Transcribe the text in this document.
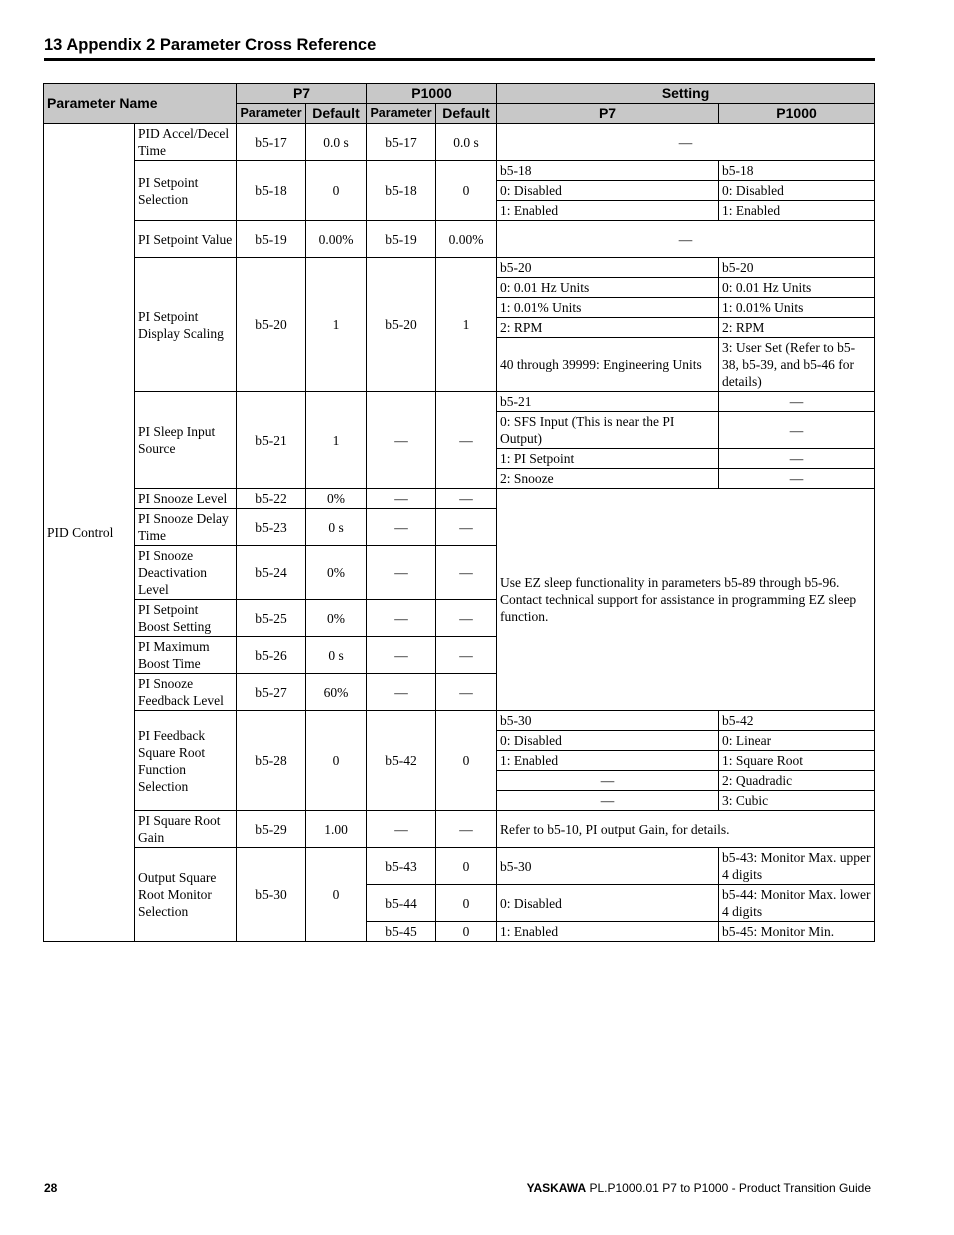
13 Appendix 2 Parameter Cross Reference
Parameter Name		P7		P1000		Setting	
		Parameter	Default	Parameter	Default	P7	P1000
PID Control	PID Accel/Decel Time	b5-17	0.0 s	b5-17	0.0 s	—	
	PI Setpoint Selection	b5-18	0	b5-18	0	b5-18	b5-18
						0: Disabled	0: Disabled
						1: Enabled	1: Enabled
	PI Setpoint Value	b5-19	0.00%	b5-19	0.00%	—	
	PI Setpoint Display Scaling	b5-20	1	b5-20	1	b5-20	b5-20
						0: 0.01 Hz Units	0: 0.01 Hz Units
						1: 0.01% Units	1: 0.01% Units
						2: RPM	2: RPM
						40 through 39999: Engineering Units	3: User Set (Refer to b5-38, b5-39, and b5-46 for details)
	PI Sleep Input Source	b5-21	1	—	—	b5-21	—
						0: SFS Input (This is near the PI Output)	—
						1: PI Setpoint	—
						2: Snooze	—
	PI Snooze Level	b5-22	0%	—	—	Use EZ sleep functionality in parameters b5-89 through b5-96. Contact technical support for assistance in programming EZ sleep function.	
	PI Snooze Delay Time	b5-23	0 s	—	—		
	PI Snooze Deactivation Level	b5-24	0%	—	—		
	PI Setpoint Boost Setting	b5-25	0%	—	—		
	PI Maximum Boost Time	b5-26	0 s	—	—		
	PI Snooze Feedback Level	b5-27	60%	—	—		
	PI Feedback Square Root Function Selection	b5-28	0	b5-42	0	b5-30	b5-42
						0: Disabled	0: Linear
						1: Enabled	1: Square Root
						—	2: Quadradic
						—	3: Cubic
	PI Square Root Gain	b5-29	1.00	—	—	Refer to b5-10, PI output Gain, for details.	
	Output Square Root Monitor Selection	b5-30	0	b5-43	0	b5-30	b5-43: Monitor Max. upper 4 digits
				b5-44	0	0: Disabled	b5-44: Monitor Max. lower 4 digits
				b5-45	0	1: Enabled	b5-45: Monitor Min.
28	YASKAWA PL.P1000.01 P7 to P1000 - Product Transition Guide
